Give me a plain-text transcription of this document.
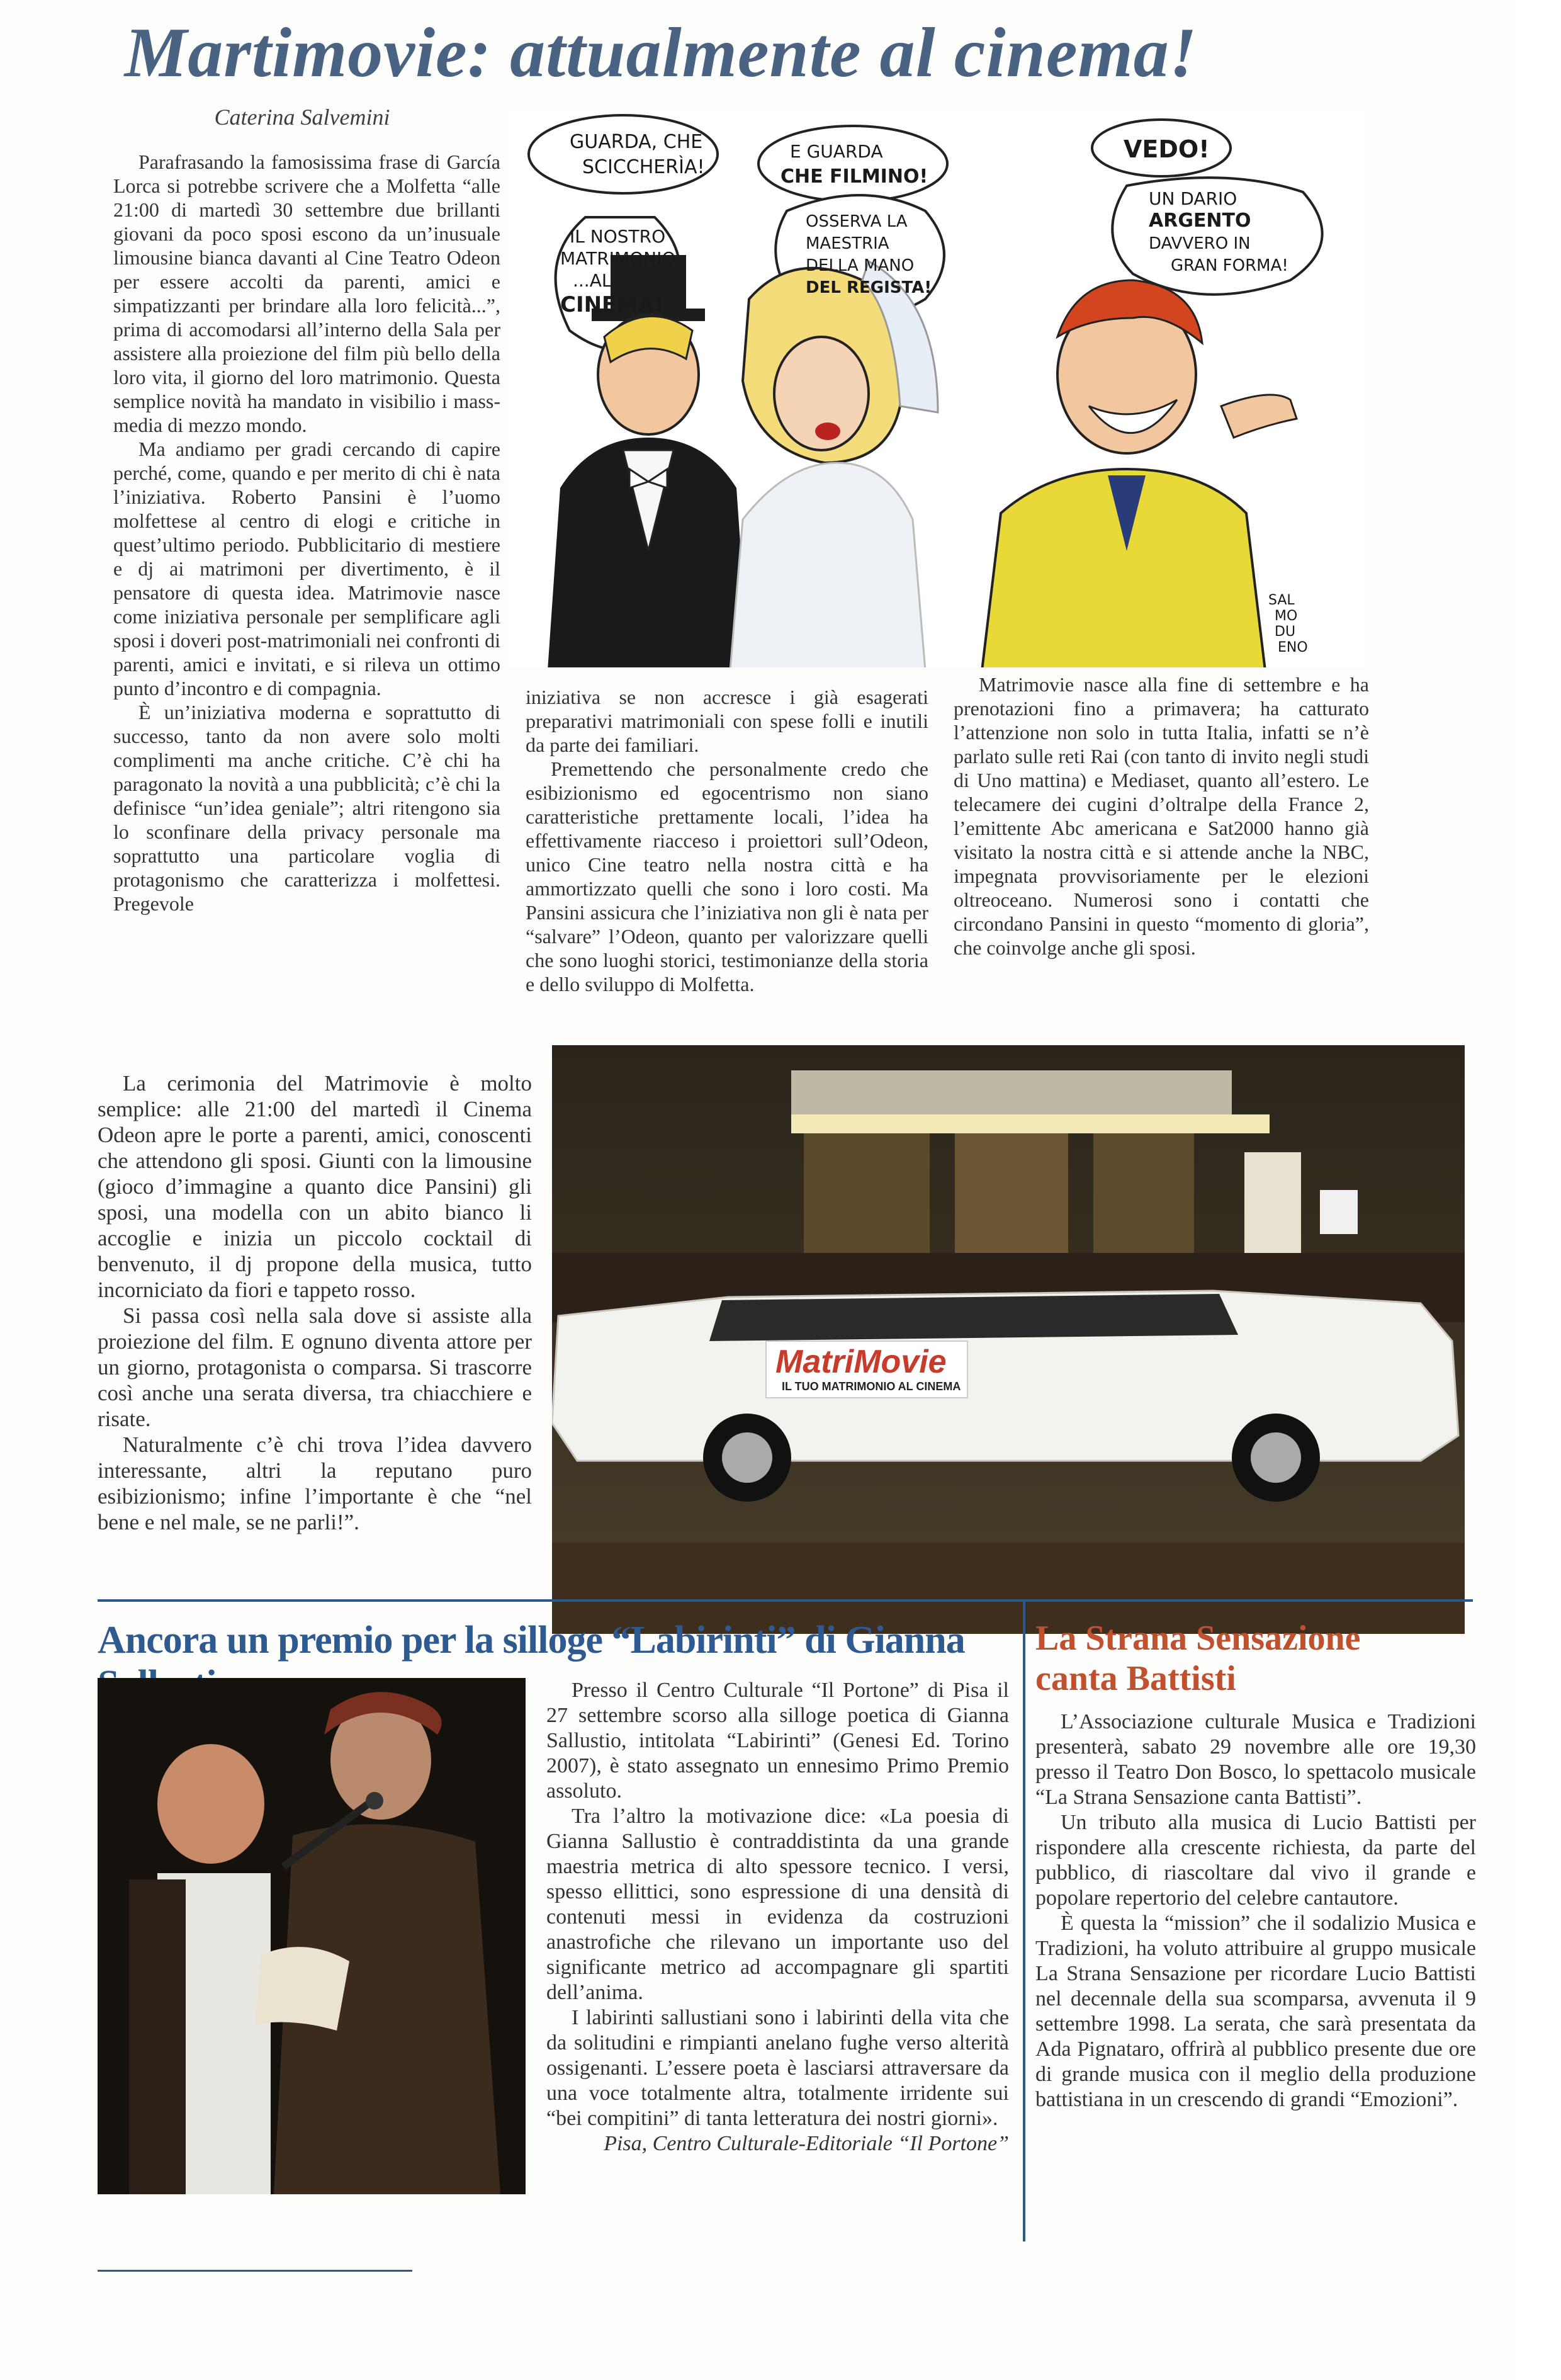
Martimovie: attualmente al cinema!
Caterina Salvemini

Parafrasando la famosissima frase di García Lorca si potrebbe scrivere che a Molfetta “alle 21:00 di martedì 30 settembre due brillanti giovani da poco sposi escono da un’inusuale limousine bianca davanti al Cine Teatro Odeon per essere accolti da parenti, amici e simpatizzanti per brindare alla loro felicità...”, prima di accomodarsi all’interno della Sala per assistere alla proiezione del film più bello della loro vita, il giorno del loro matrimonio. Questa semplice novità ha mandato in visibilio i mass-media di mezzo mondo.

Ma andiamo per gradi cercando di capire perché, come, quando e per merito di chi è nata l’iniziativa. Roberto Pansini è l’uomo molfettese al centro di elogi e critiche in quest’ultimo periodo. Pubblicitario di mestiere e dj ai matrimoni per divertimento, è il pensatore di questa idea. Matrimovie nasce come iniziativa personale per semplificare agli sposi i doveri post-matrimoniali nei confronti di parenti, amici e invitati, e si rileva un ottimo punto d’incontro e di compagnia.

È un’iniziativa moderna e soprattutto di successo, tanto da non avere solo molti complimenti ma anche critiche. C’è chi ha paragonato la novità a una pubblicità; c’è chi la definisce “un’idea geniale”; altri ritengono sia lo sconfinare della privacy personale ma soprattutto una particolare voglia di protagonismo che caratterizza i molfettesi. Pregevole

GUARDA, CHE
SCICCHERÌA!
IL NOSTRO
MATRIMONIO
...AL
CINEMA!
E GUARDA
CHE FILMINO!
OSSERVA LA
MAESTRIA
DELLA MANO
DEL REGISTA!
VEDO!
UN DARIO
ARGENTO
DAVVERO IN
GRAN FORMA!
SAL
MO
DU
ENO

iniziativa se non accresce i già esagerati preparativi matrimoniali con spese folli e inutili da parte dei familiari.

Premettendo che personalmente credo che esibizionismo ed egocentrismo non siano caratteristiche prettamente locali, l’idea ha effettivamente riacceso i proiettori sull’Odeon, unico Cine teatro nella nostra città e ha ammortizzato quelli che sono i loro costi. Ma Pansini assicura che l’iniziativa non gli è nata per “salvare” l’Odeon, quanto per valorizzare quelli che sono luoghi storici, testimonianze della storia e dello sviluppo di Molfetta.

Matrimovie nasce alla fine di settembre e ha prenotazioni fino a primavera; ha catturato l’attenzione non solo in tutta Italia, infatti se n’è parlato sulle reti Rai (con tanto di invito negli studi di Uno mattina) e Mediaset, quanto all’estero. Le telecamere dei cugini d’oltralpe della France 2, l’emittente Abc americana e Sat2000 hanno già visitato la nostra città e si attende anche la NBC, impegnata provvisoriamente per le elezioni oltreoceano. Numerosi sono i contatti che circondano Pansini in questo “momento di gloria”, che coinvolge anche gli sposi.

La cerimonia del Matrimovie è molto semplice: alle 21:00 del martedì il Cinema Odeon apre le porte a parenti, amici, conoscenti che attendono gli sposi. Giunti con la limousine (gioco d’immagine a quanto dice Pansini) gli sposi, una modella con un abito bianco li accoglie e inizia un piccolo cocktail di benvenuto, il dj propone della musica, tutto incorniciato da fiori e tappeto rosso.

Si passa così nella sala dove si assiste alla proiezione del film. E ognuno diventa attore per un giorno, protagonista o comparsa. Si trascorre così anche una serata diversa, tra chiacchiere e risate.

Naturalmente c’è chi trova l’idea davvero interessante, altri la reputano puro esibizionismo; infine l’importante è che “nel bene e nel male, se ne parli!”.

MatriMovie
IL TUO MATRIMONIO AL CINEMA
Ancora un premio per la silloge “Labirinti” di Gianna

Presso il Centro Culturale “Il Portone” di Pisa il 27 settembre scorso alla silloge poetica di Gianna Sallustio, intitolata “Labirinti” (Genesi Ed. Torino 2007), è stato assegnato un ennesimo Primo Premio assoluto.

Tra l’altro la motivazione dice: «La poesia di Gianna Sallustio è contraddistinta da una grande maestria metrica di alto spessore tecnico. I versi, spesso ellittici, sono espressione di una densità di contenuti messi in evidenza da costruzioni anastrofiche che rilevano un importante uso del significante metrico ad accompagnare gli spartiti dell’anima.

I labirinti sallustiani sono i labirinti della vita che da solitudini e rimpianti anelano fughe verso alterità ossigenanti. L’essere poeta è lasciarsi attraversare da una voce totalmente altra, totalmente irridente sui “bei compitini” di tanta letteratura dei nostri giorni».

Pisa, Centro Culturale-Editoriale “Il Portone”

La Strana Sensazione canta Battisti

L’Associazione culturale Musica e Tradizioni presenterà, sabato 29 novembre alle ore 19,30 presso il Teatro Don Bosco, lo spettacolo musicale “La Strana Sensazione canta Battisti”.

Un tributo alla musica di Lucio Battisti per rispondere alla crescente richiesta, da parte del pubblico, di riascoltare dal vivo il grande e popolare repertorio del celebre cantautore.

È questa la “mission” che il sodalizio Musica e Tradizioni, ha voluto attribuire al gruppo musicale La Strana Sensazione per ricordare Lucio Battisti nel decennale della sua scomparsa, avvenuta il 9 settembre 1998. La serata, che sarà presentata da Ada Pignataro, offrirà al pubblico presente due ore di grande musica con il meglio della produzione battistiana in un crescendo di grandi “Emozioni”.
